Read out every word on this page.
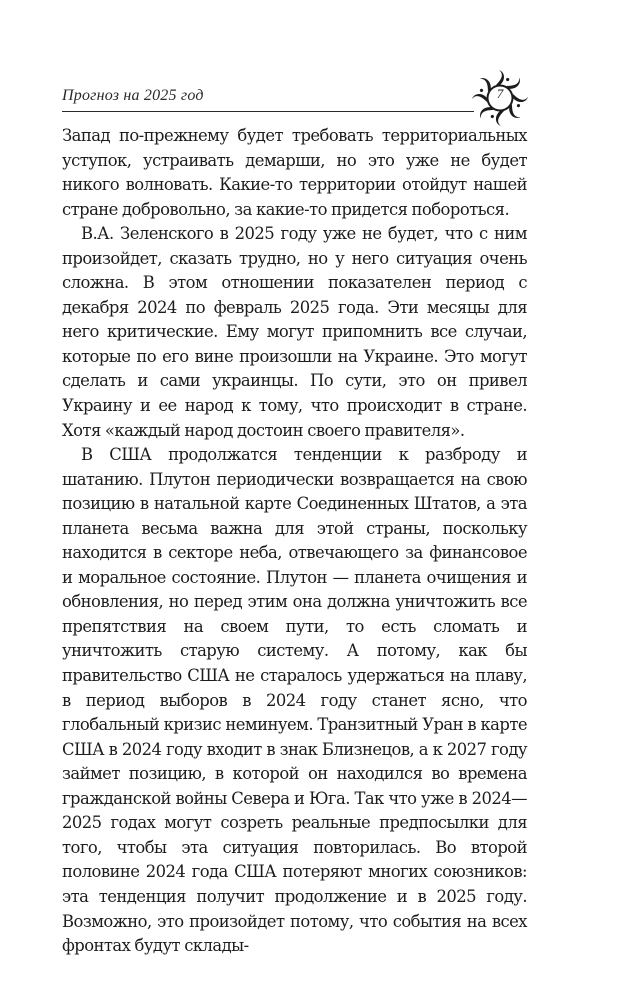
Прогноз на 2025 год	7

Запад по-прежнему будет требовать территориальных уступок, устраивать демарши, но это уже не будет никого волновать. Какие-то территории отойдут нашей стране добровольно, за какие-то придется побороться.

В.А. Зеленского в 2025 году уже не будет, что с ним произойдет, сказать трудно, но у него ситуация очень сложна. В этом отношении показателен период с декабря 2024 по февраль 2025 года. Эти месяцы для него критические. Ему могут припомнить все случаи, которые по его вине произошли на Украине. Это могут сделать и сами украинцы. По сути, это он привел Украину и ее народ к тому, что происходит в стране. Хотя «каждый народ достоин своего правителя».

В США продолжатся тенденции к разброду и шатанию. Плутон периодически возвращается на свою позицию в натальной карте Соединенных Штатов, а эта планета весьма важна для этой страны, поскольку находится в секторе неба, отвечающего за финансовое и моральное состояние. Плутон — планета очищения и обновления, но перед этим она должна уничтожить все препятствия на своем пути, то есть сломать и уничтожить старую систему. А потому, как бы правительство США не старалось удержаться на плаву, в период выборов в 2024 году станет ясно, что глобальный кризис неминуем. Транзитный Уран в карте США в 2024 году входит в знак Близнецов, а к 2027 году займет позицию, в которой он находился во времена гражданской войны Севера и Юга. Так что уже в 2024—2025 годах могут созреть реальные предпосылки для того, чтобы эта ситуация повторилась. Во второй половине 2024 года США потеряют многих союзников: эта тенденция получит продолжение и в 2025 году. Возможно, это произойдет потому, что события на всех фронтах будут склады-
